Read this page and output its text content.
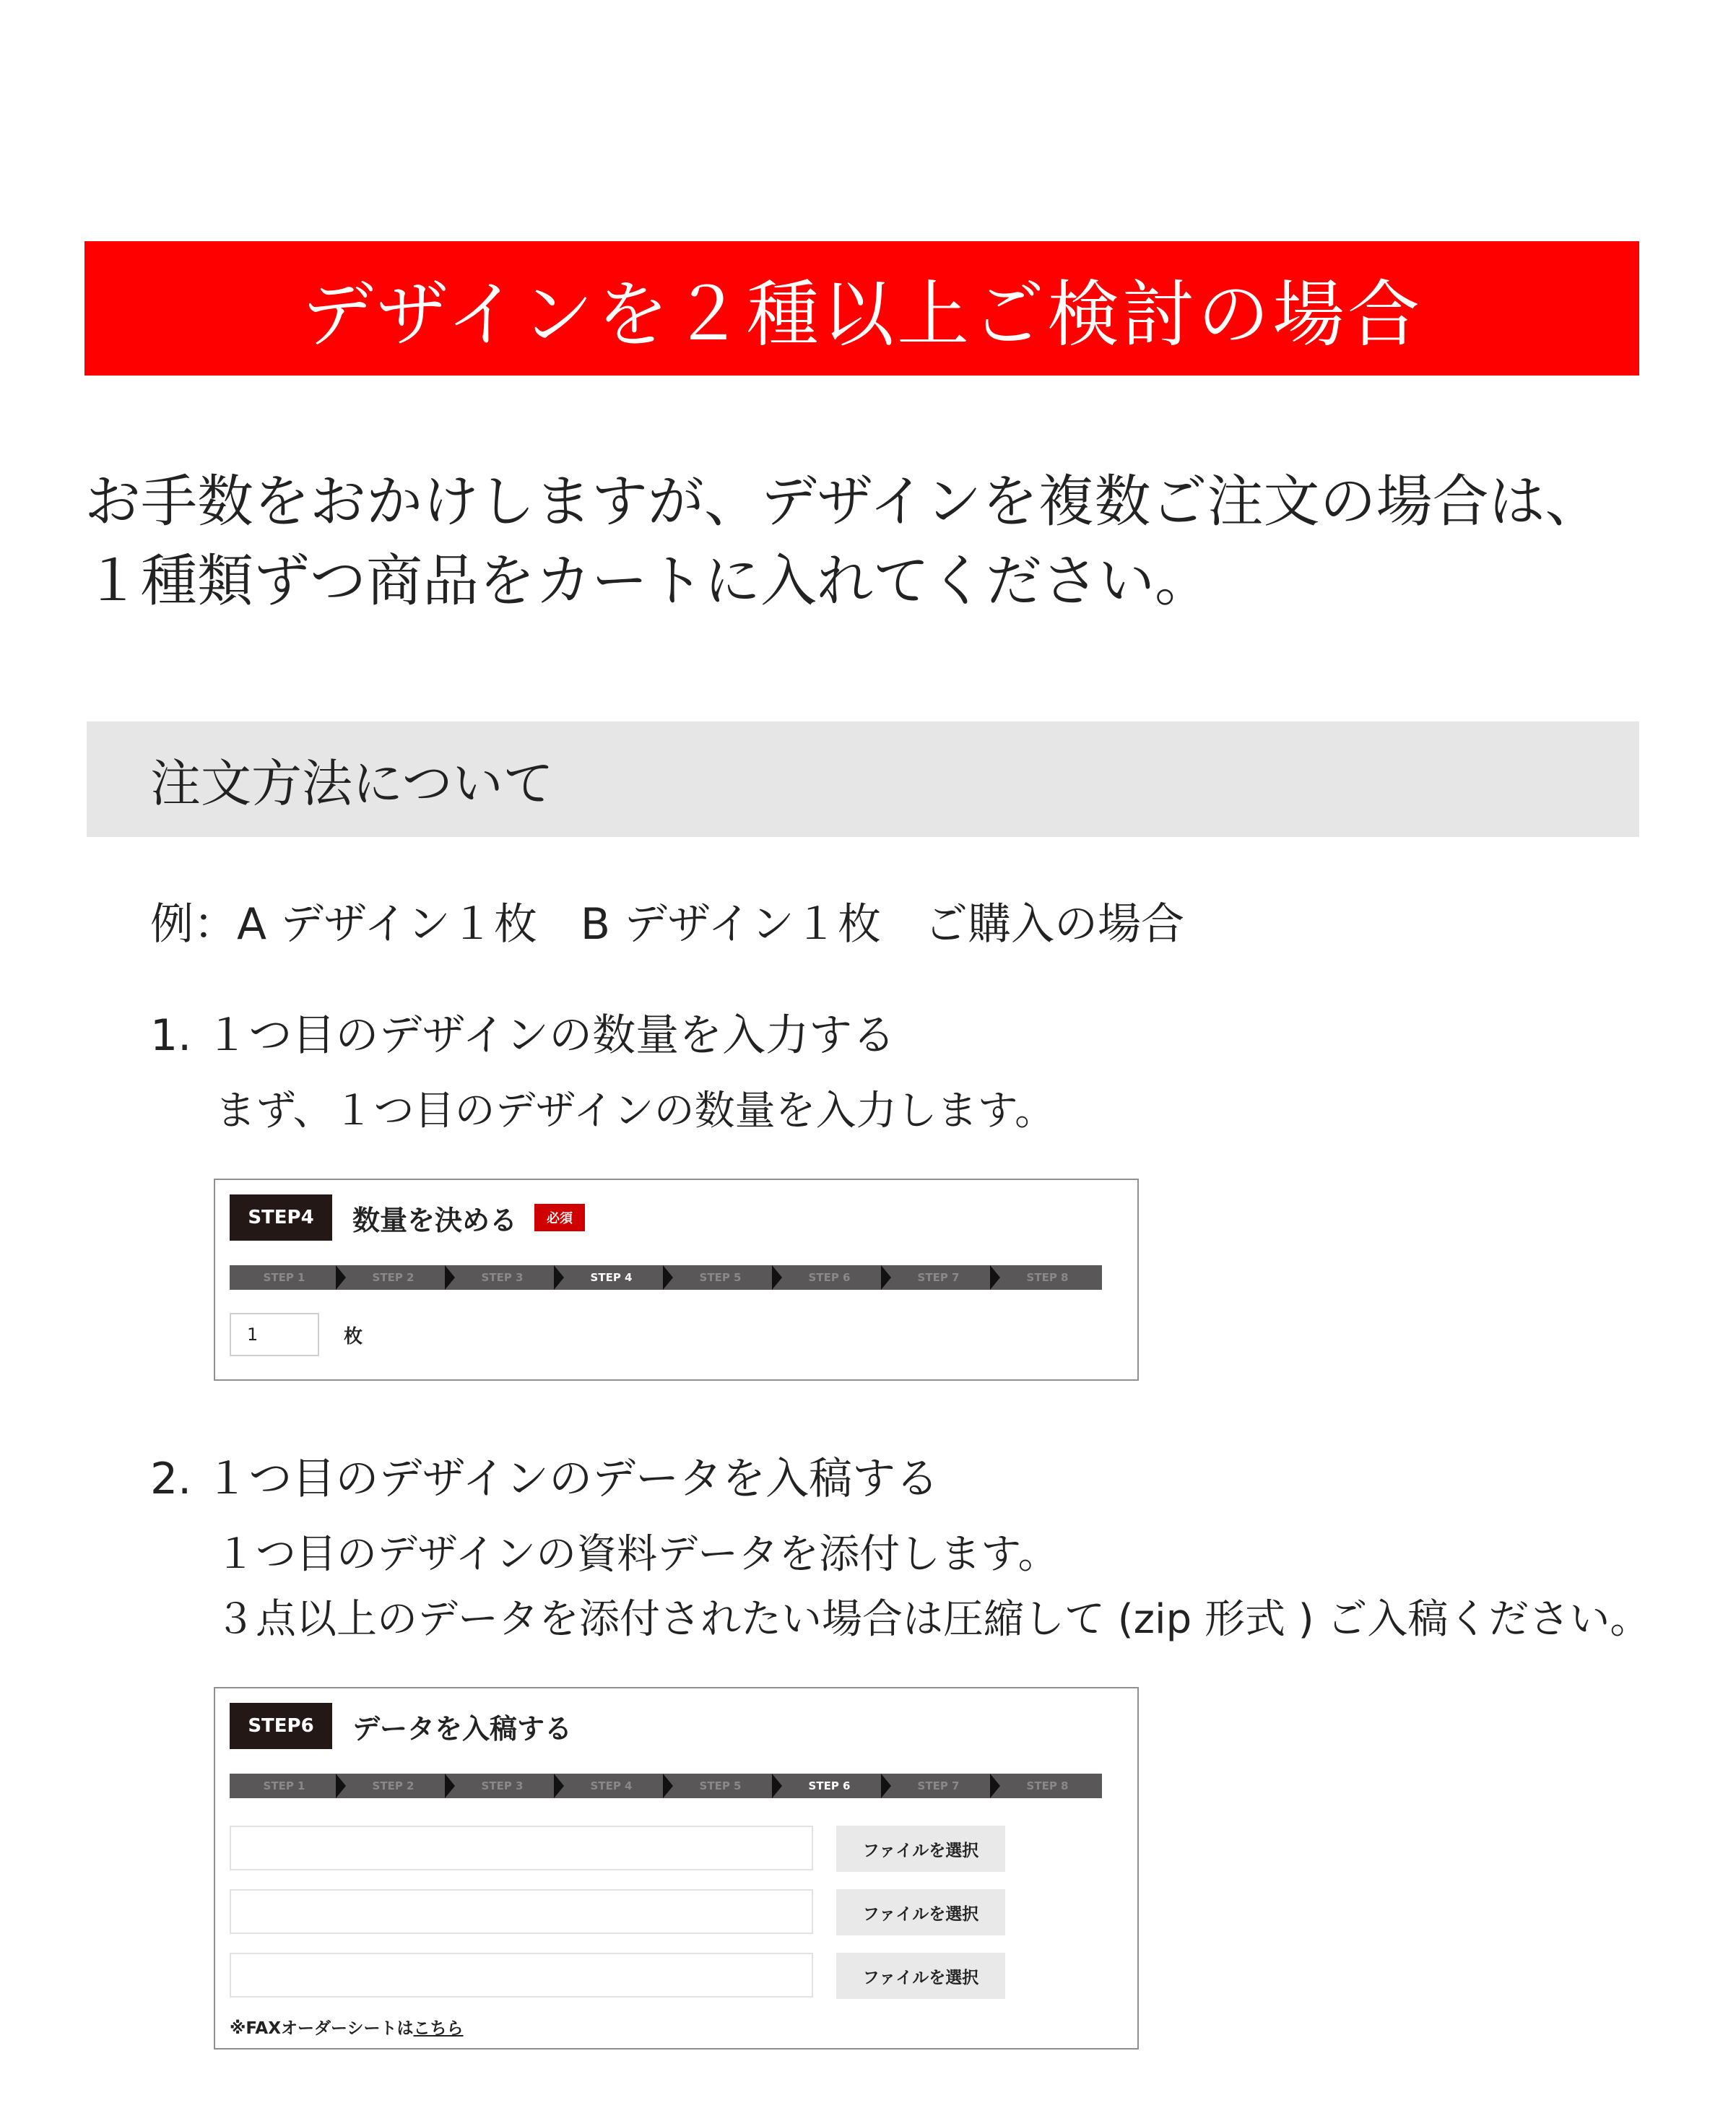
デザインを２種以上ご検討の場合
お手数をおかけしますが、デザインを複数ご注文の場合は、
１種類ずつ商品をカートに入れてください。
注文方法について
例：A デザイン１枚　B デザイン１枚　ご購入の場合
1. １つ目のデザインの数量を入力する
まず、１つ目のデザインの数量を入力します。
STEP4	数量を決める	必須
STEP 1	STEP 2	STEP 3	STEP 4	STEP 5	STEP 6	STEP 7	STEP 8
1	枚
2. １つ目のデザインのデータを入稿する
１つ目のデザインの資料データを添付します。
３点以上のデータを添付されたい場合は圧縮して (zip 形式 ) ご入稿ください。
STEP6	データを入稿する
STEP 1	STEP 2	STEP 3	STEP 4	STEP 5	STEP 6	STEP 7	STEP 8
ファイルを選択
ファイルを選択
ファイルを選択
※FAXオーダーシートはこちら
